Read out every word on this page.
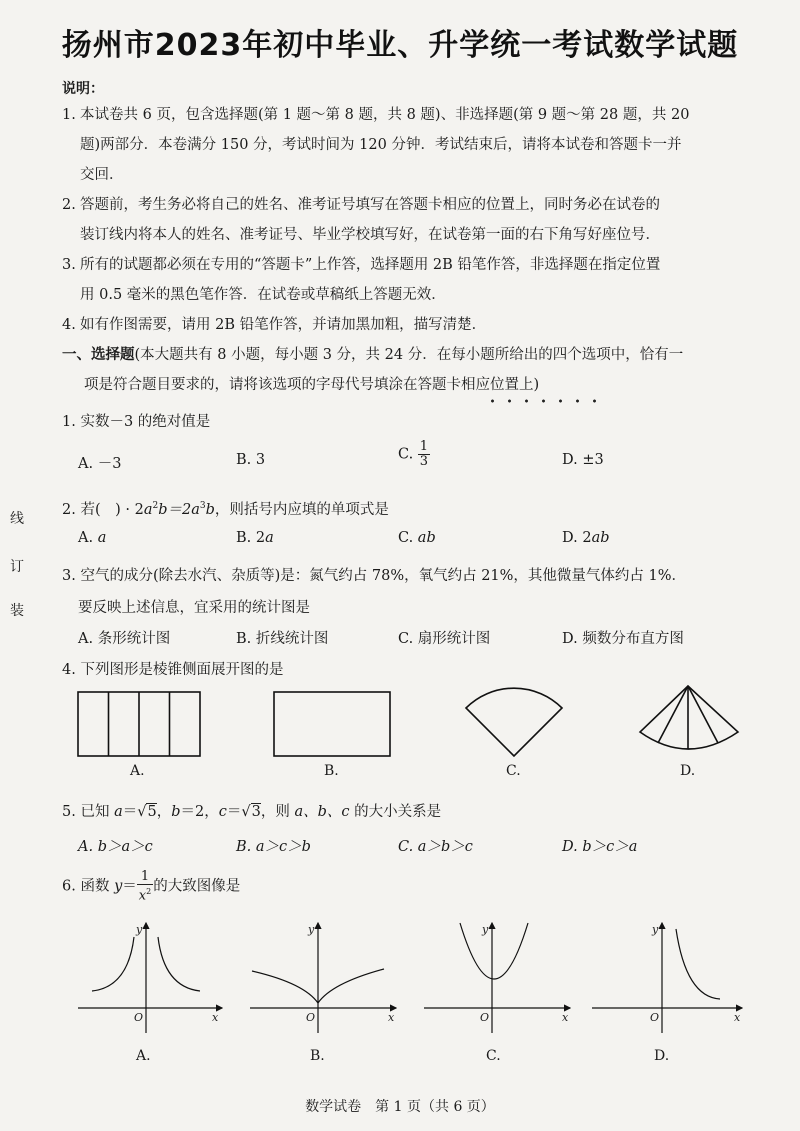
扬州市2023年初中毕业、升学统一考试数学试题
说明：
1. 本试卷共 6 页，包含选择题(第 1 题～第 8 题，共 8 题)、非选择题(第 9 题～第 28 题，共 20
题)两部分．本卷满分 150 分，考试时间为 120 分钟．考试结束后，请将本试卷和答题卡一并
交回．
2. 答题前，考生务必将自己的姓名、准考证号填写在答题卡相应的位置上，同时务必在试卷的
装订线内将本人的姓名、准考证号、毕业学校填写好，在试卷第一面的右下角写好座位号．
3. 所有的试题都必须在专用的“答题卡”上作答，选择题用 2B 铅笔作答，非选择题在指定位置
用 0.5 毫米的黑色笔作答．在试卷或草稿纸上答题无效．
4. 如有作图需要，请用 2B 铅笔作答，并请加黑加粗，描写清楚．
一、选择题(本大题共有 8 小题，每小题 3 分，共 24 分．在每小题所给出的四个选项中，恰有一
项是符合题目要求的，请将该选项的字母代号填涂在答题卡相应位置上)
1. 实数－3 的绝对值是
A. －3	B. 3	C. $\frac{1}{3}$	D. ±3
2. 若(　) · $2a^2b=2a^3b$，则括号内应填的单项式是
A. a	B. 2a	C. ab	D. 2ab
3. 空气的成分(除去水汽、杂质等)是：氮气约占 78%，氧气约占 21%，其他微量气体约占 1%．
要反映上述信息，宜采用的统计图是
A. 条形统计图	B. 折线统计图	C. 扇形统计图	D. 频数分布直方图
4. 下列图形是棱锥侧面展开图的是
A.	B.	C.	D.
5. 已知 a＝√5，b＝2，c＝√3，则 a、b、c 的大小关系是
A. b＞a＞c	B. a＞c＞b	C. a＞b＞c	D. b＞c＞a
6. 函数 $y= \frac{1}{x^2}$ 的大致图像是
y
x
O
y
x
O
y
x
O
y
x
O
A.	B.	C.	D.
装
订
线
数学试卷　第 1 页（共 6 页）
